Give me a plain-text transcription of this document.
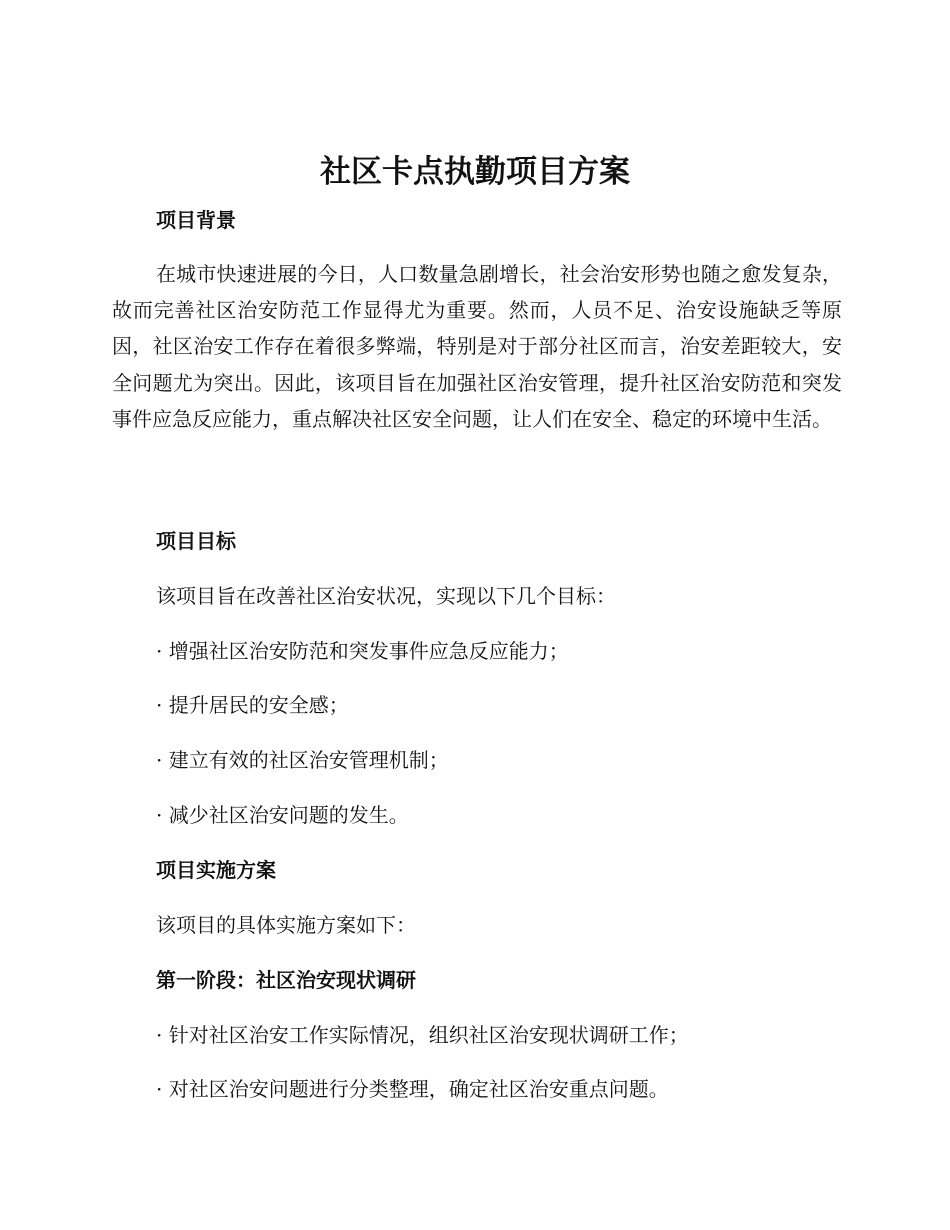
社区卡点执勤项目方案
项目背景

在城市快速进展的今日，人口数量急剧增长，社会治安形势也随之愈发复杂，故而完善社区治安防范工作显得尤为重要。然而，人员不足、治安设施缺乏等原因，社区治安工作存在着很多弊端，特别是对于部分社区而言，治安差距较大，安全问题尤为突出。因此，该项目旨在加强社区治安管理，提升社区治安防范和突发事件应急反应能力，重点解决社区安全问题，让人们在安全、稳定的环境中生活。

项目目标

该项目旨在改善社区治安状况，实现以下几个目标：

· 增强社区治安防范和突发事件应急反应能力；

· 提升居民的安全感；

· 建立有效的社区治安管理机制；

· 减少社区治安问题的发生。

项目实施方案

该项目的具体实施方案如下：

第一阶段：社区治安现状调研

· 针对社区治安工作实际情况，组织社区治安现状调研工作；

· 对社区治安问题进行分类整理，确定社区治安重点问题。
